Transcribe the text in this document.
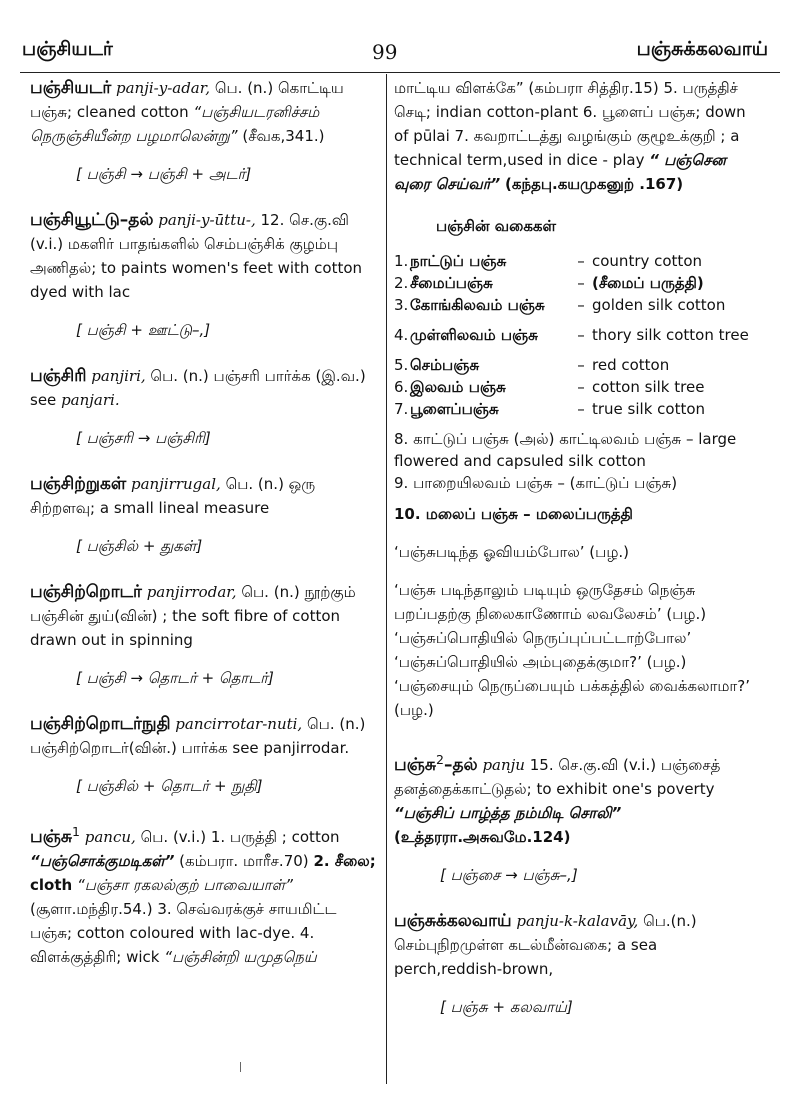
பஞ்சியடர்	99	பஞ்சுக்கலவாய்

பஞ்சியடர் panji-y-adar, பெ. (n.) கொட்டிய பஞ்சு; cleaned cotton “பஞ்சியடரனிச்சம் நெருஞ்சியீன்ற பழமாலென்று” (சீவக,341.)

[ பஞ்சி → பஞ்சி + அடர்]

பஞ்சியூட்டு–தல் panji-y-ūttu-, 12. செ.கு.வி (v.i.) மகளிர் பாதங்களில் செம்பஞ்சிக் குழம்பு அணிதல்; to paints women's feet with cotton dyed with lac

[ பஞ்சி + ஊட்டு–,]

பஞ்சிரி panjiri, பெ. (n.) பஞ்சரி பார்க்க (இ.வ.) see panjari.

[ பஞ்சரி → பஞ்சிரி]

பஞ்சிற்றுகள் panjirrugal, பெ. (n.) ஒரு சிற்றளவு; a small lineal measure

[ பஞ்சில் + துகள்]

பஞ்சிற்றொடர் panjirrodar, பெ. (n.) நூற்கும் பஞ்சின் துய்(வின்) ; the soft fibre of cotton drawn out in spinning

[ பஞ்சி → தொடர் + தொடர்]

பஞ்சிற்றொடர்நுதி pancirrotar-nuti, பெ. (n.) பஞ்சிற்றொடர்(வின்.) பார்க்க see panjirrodar.

[ பஞ்சில் + தொடர் + நுதி]

பஞ்சு$^1$ pancu, பெ. (v.i.) 1. பருத்தி ; cotton “பஞ்சொக்குமடிகள்” (கம்பரா. மாரீச.70) 2. சீலை; cloth “பஞ்சா ரகலல்குற் பாவையாள்” (சூளா.மந்திர.54.) 3. செவ்வரக்குச் சாயமிட்ட பஞ்சு; cotton coloured with lac-dye. 4. விளக்குத்திரி; wick “பஞ்சின்றி யமுதநெய்

மாட்டிய விளக்கே” (கம்பரா சித்திர.15) 5. பருத்திச் செடி; indian cotton-plant 6. பூளைப் பஞ்சு; down of pūlai 7. கவறாட்டத்து வழங்கும் குழூஉக்குறி ; a technical term,used in dice - play “ பஞ்சென வுரை செய்வர்” (கந்தபு.கயமுகனுற் .167)

பஞ்சின் வகைகள்
1. நாட்டுப் பஞ்சு	– country cotton
2. சீமைப்பஞ்சு	– (சீமைப் பருத்தி)
3. கோங்கிலவம் பஞ்சு	– golden silk cotton
4. முள்ளிலவம் பஞ்சு	– thory silk cotton tree
5. செம்பஞ்சு	– red cotton
6. இலவம் பஞ்சு	– cotton silk tree
7. பூளைப்பஞ்சு	– true silk cotton

8. காட்டுப் பஞ்சு (அல்) காட்டிலவம் பஞ்சு – large flowered and capsuled silk cotton

9. பாறையிலவம் பஞ்சு – (காட்டுப் பஞ்சு)

10. மலைப் பஞ்சு – மலைப்பருத்தி

‘பஞ்சுபடிந்த ஓவியம்போல’ (பழ.)

‘பஞ்சு படிந்தாலும் படியும் ஒருதேசம் நெஞ்சு பறப்பதற்கு நிலைகாணோம் லவலேசம்’ (பழ.) ‘பஞ்சுப்பொதியில் நெருப்புப்பட்டாற்போல’ ‘பஞ்சுப்பொதியில் அம்புதைக்குமா?’ (பழ.) ‘பஞ்சையும் நெருப்பையும் பக்கத்தில் வைக்கலாமா?’ (பழ.)

பஞ்சு$^2$–தல் panju 15. செ.கு.வி (v.i.) பஞ்சைத் தனத்தைக்காட்டுதல்; to exhibit one's poverty “பஞ்சிப் பாழ்த்த நம்மிடி சொலி” (உத்தரரா.அசுவமே.124)

[ பஞ்சை → பஞ்சு–,]

பஞ்சுக்கலவாய் panju-k-kalavāy, பெ.(n.) செம்புநிறமுள்ள கடல்மீன்வகை; a sea perch,reddish-brown,

[ பஞ்சு + கலவாய்]
